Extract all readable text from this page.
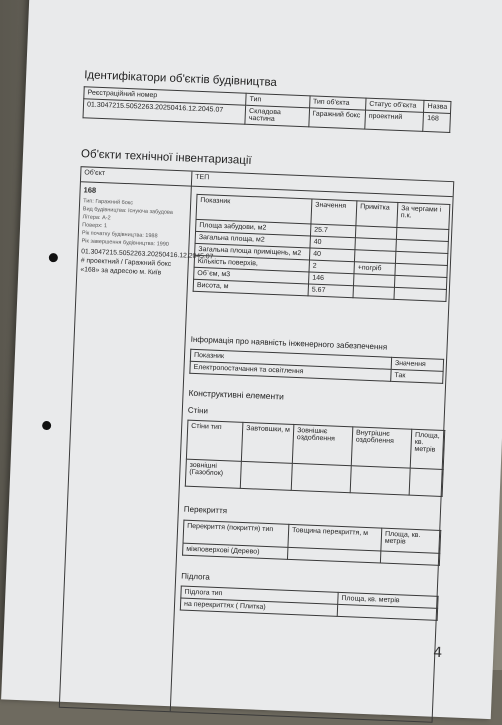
Ідентифікатори об'єктів будівництва
Реєстраційний номер	Тип	Тип об'єкта	Статус об'єкта	Назва
01.3047215.5052263.20250416.12.2045.07	Складова частина	Гаражний бокс	проектний	168
Об'єкти технічної інвентаризації
Об'єкт
ТЕП
168
Тип: Гаражний бокс
Вид будівництва: Існуюча забудова
Літера: А-2
Поверх: 1
Рік початку будівництва: 1988
Рік завершення будівництва: 1990
01.3047215.5052263.20250416.12.2045.07 # проектний / Гаражний бокс «168» за адресою м. Київ
Показник	Значення	Примітка	За чергами і п.к.
Площа забудови, м2	25.7		
Загальна площа, м2	40		
Загальна площа приміщень, м2	40		
Кількість поверхів,	2	+погріб	
Об`єм, м3	146		
Висота, м	5.67		
Інформація про наявність інженерного забезпечення
Показник	Значення
Електропостачання та освітлення	Так
Конструктивні елементи
Стіни
Стіни тип	Завтовшки, м	Зовнішнє оздоблення	Внутрішнє оздоблення	Площа, кв. метрів
зовнішні (Газоблок)				
Перекриття
Перекриття (покриття) тип	Товщина перекриття, м	Площа, кв. метрів
міжповерхові (Дерево)		
Підлога
Підлога тип	Площа, кв. метрів
на перекриттях ( Плитка)	
4
